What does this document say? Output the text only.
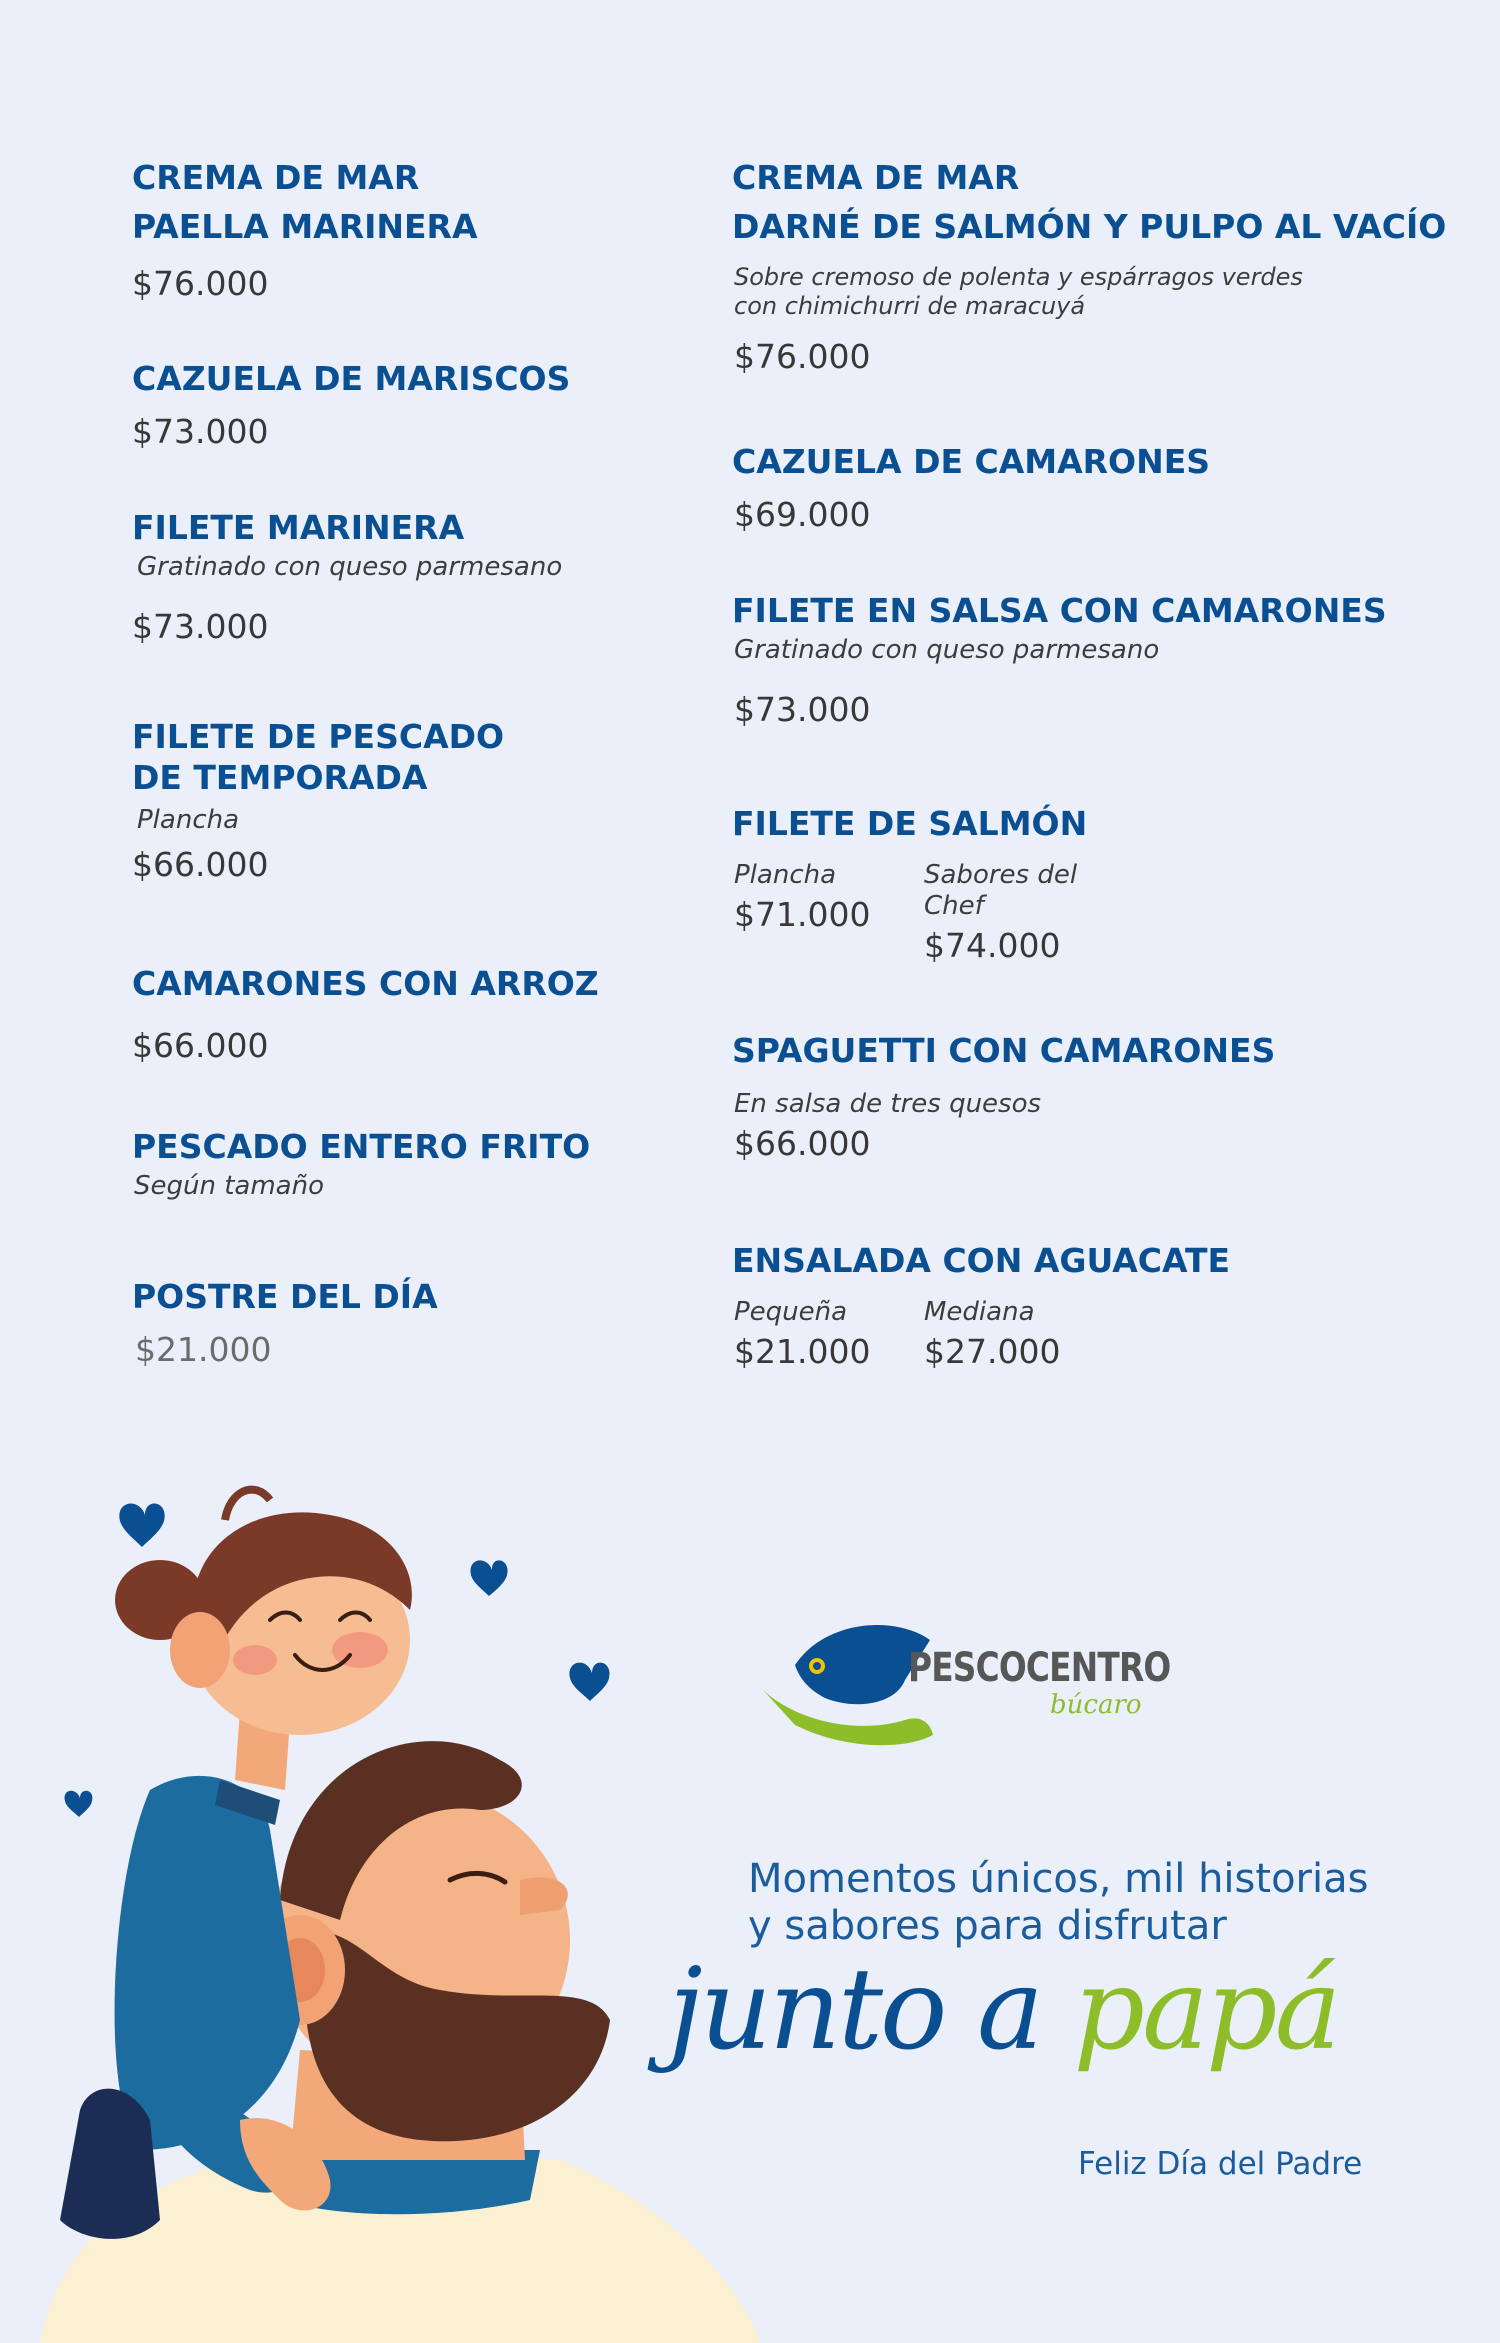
CREMA DE MAR
PAELLA MARINERA
$76.000
CAZUELA DE MARISCOS
$73.000
FILETE MARINERA
Gratinado con queso parmesano
$73.000
FILETE DE PESCADO
DE TEMPORADA
Plancha
$66.000
CAMARONES CON ARROZ
$66.000
PESCADO ENTERO FRITO
Según tamaño
POSTRE DEL DÍA
$21.000
CREMA DE MAR
DARNÉ DE SALMÓN Y PULPO AL VACÍO
Sobre cremoso de polenta y espárragos verdes
con chimichurri de maracuyá
$76.000
CAZUELA DE CAMARONES
$69.000
FILETE EN SALSA CON CAMARONES
Gratinado con queso parmesano
$73.000
FILETE DE SALMÓN
Plancha
$71.000
Sabores del Chef
$74.000
SPAGUETTI CON CAMARONES
En salsa de tres quesos
$66.000
ENSALADA CON AGUACATE
Pequeña
$21.000
Mediana
$27.000
PESCOCENTRO
búcaro
Momentos únicos, mil historias
y sabores para disfrutar
junto a papá
Feliz Día del Padre
